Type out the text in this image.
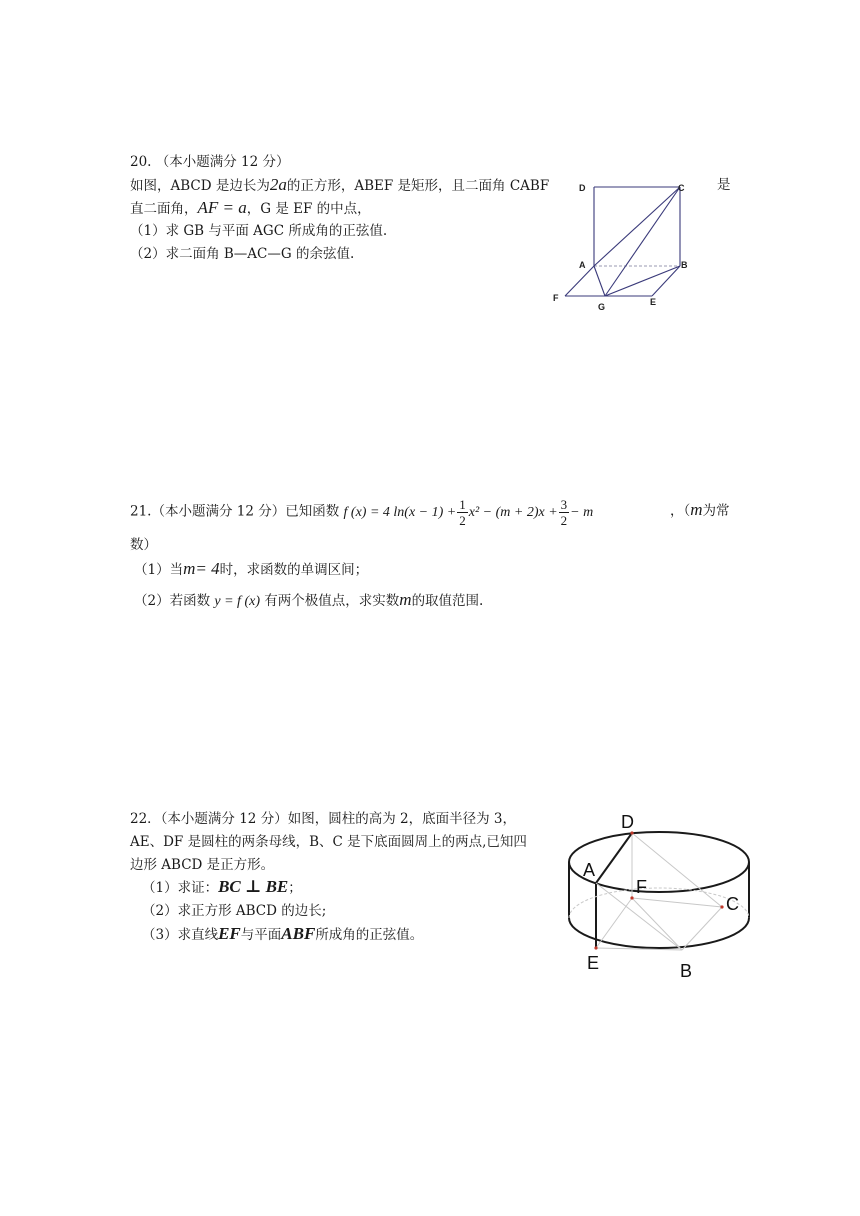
20. （本小题满分 12 分）
如图，ABCD 是边长为2a的正方形，ABEF 是矩形，且二面角 CABF	是
直二面角，AF = a，G 是 EF 的中点，
（1）求 GB 与平面 AGC 所成角的正弦值.
（2）求二面角 B—AC—G 的余弦值.
D	C
A	B
F
G	E
21.（本小题满分 12 分）已知函数 f (x) = 4 $\ln(x - 1) + \frac{1}{2} x^2 - (m + 2)x + \frac{3}{2} - m$	，（m为常
数）
（1）当m= 4时，求函数的单调区间；
（2）若函数 y = f (x) 有两个极值点，求实数m的取值范围.
22．（本小题满分 12 分）如图，圆柱的高为 2，底面半径为 3，
AE、DF 是圆柱的两条母线，B、C 是下底面圆周上的两点,已知四
边形 ABCD 是正方形。
（1）求证：BC ⊥ BE；
（2）求正方形 ABCD 的边长;
（3）求直线EF与平面ABF所成角的正弦值。
D
A
F
C
E	B
